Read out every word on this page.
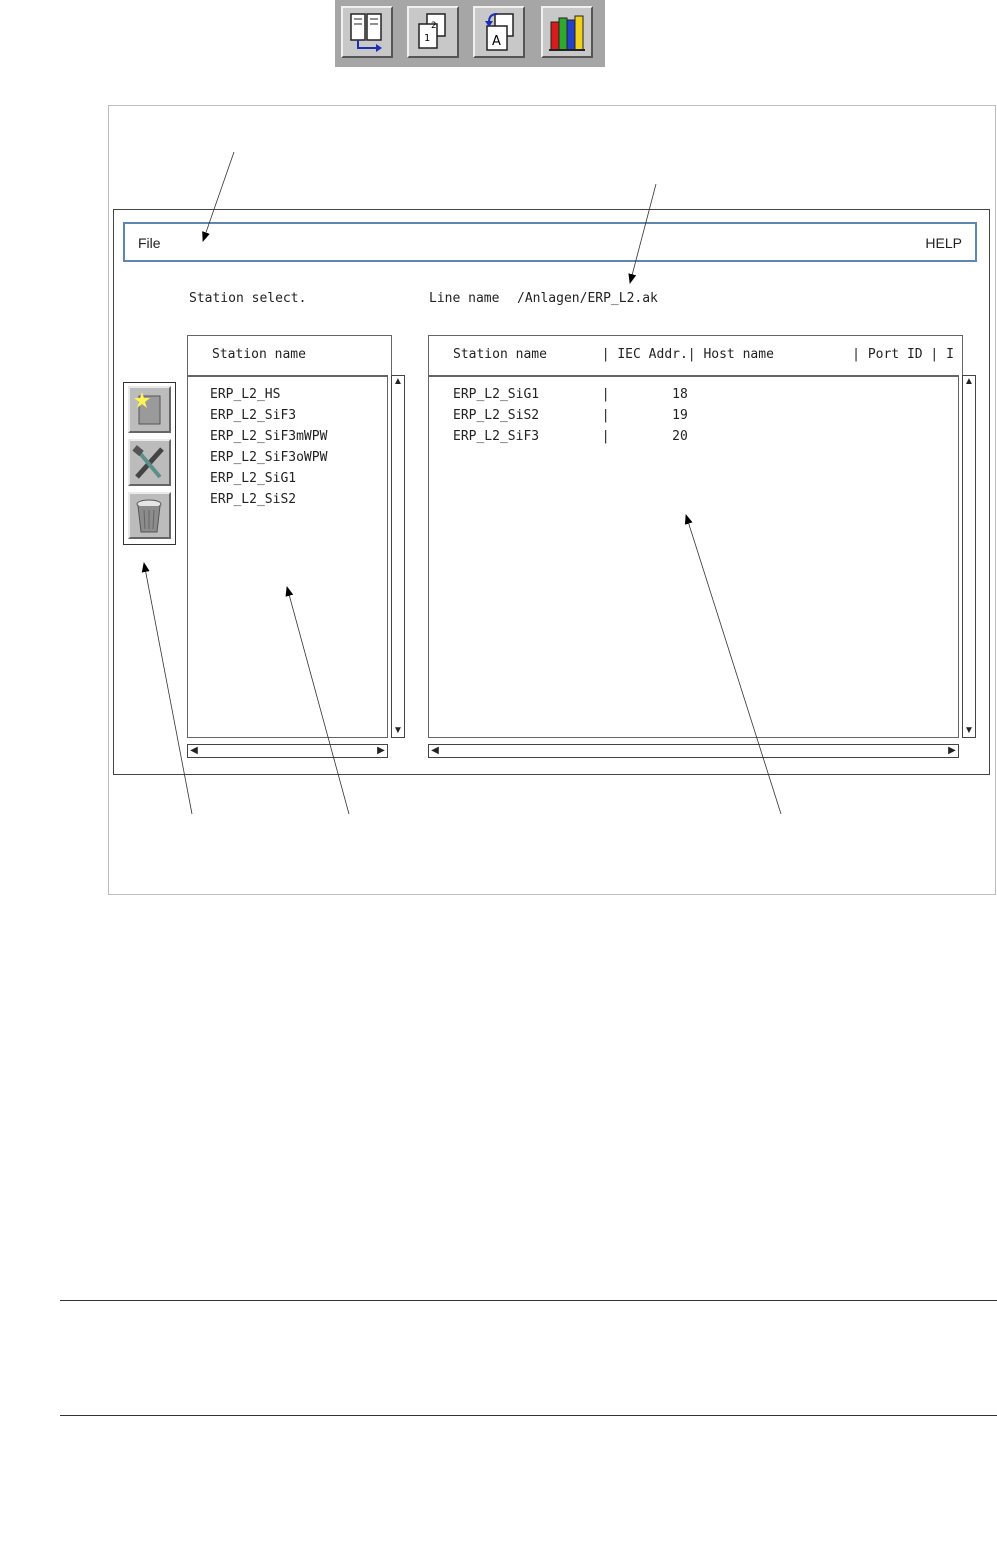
2
1	A
File	HELP
Station select.	Line name /Anlagen/ERP_L2.ak
Station name
ERP_L2_HS
ERP_L2_SiF3
ERP_L2_SiF3mWPW
ERP_L2_SiF3oWPW
ERP_L2_SiG1
ERP_L2_SiS2
▲
▼
◀	▶
Station name       | IEC Addr.| Host name          | Port ID | I
ERP_L2_SiG1        |        18
ERP_L2_SiS2        |        19
ERP_L2_SiF3        |        20
▲
▼
◀	▶
